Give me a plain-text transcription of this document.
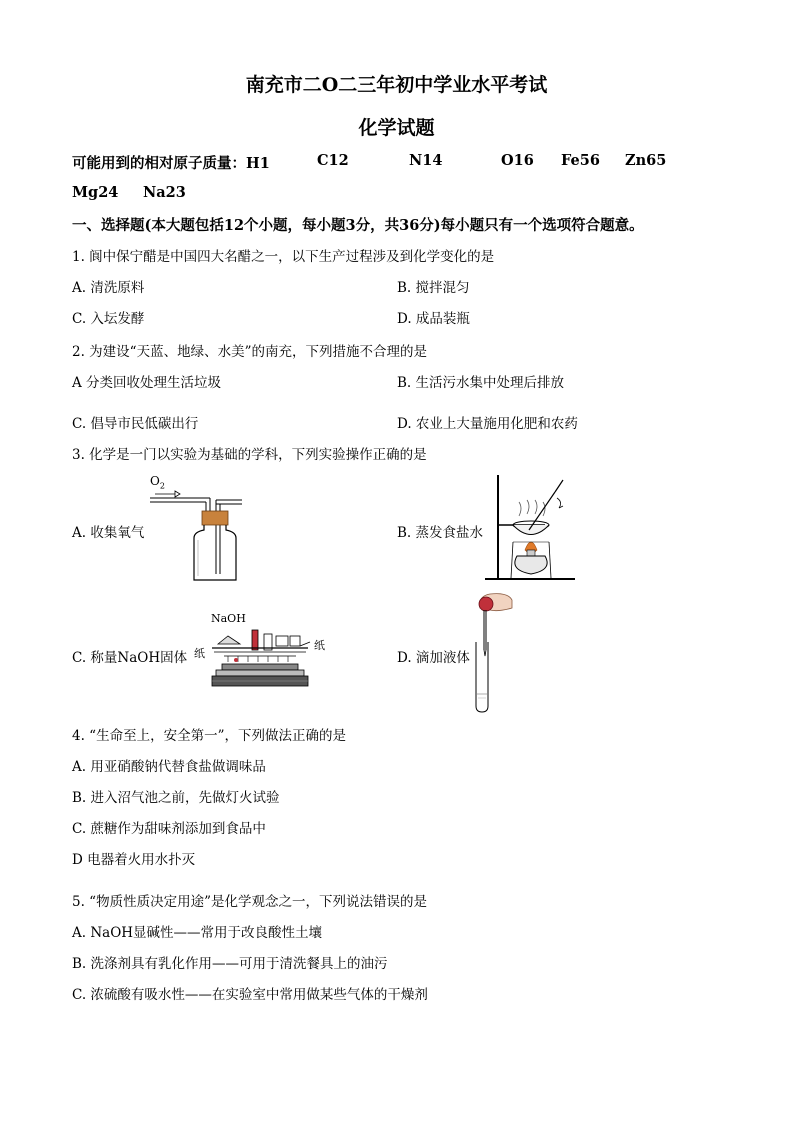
南充市二O二三年初中学业水平考试
化学试题
可能用到的相对原子质量：H1	C12	N14	O16 Fe56 Zn65
Mg24 Na23
一、选择题(本大题包括12个小题，每小题3分，共36分)每小题只有一个选项符合题意。
1. 阆中保宁醋是中国四大名醋之一，以下生产过程涉及到化学变化的是
A. 清洗原料	B. 搅拌混匀
C. 入坛发酵	D. 成品装瓶
2. 为建设“天蓝、地绿、水美”的南充，下列措施不合理的是
A 分类回收处理生活垃圾	B. 生活污水集中处理后排放
C. 倡导市民低碳出行	D. 农业上大量施用化肥和农药
3. 化学是一门以实验为基础的学科，下列实验操作正确的是
A. 收集氧气	B. 蒸发食盐水
C. 称量NaOH固体	D. 滴加液体
$O_2$
NaOH
纸
纸
4. “生命至上，安全第一”，下列做法正确的是
A. 用亚硝酸钠代替食盐做调味品
B. 进入沼气池之前，先做灯火试验
C. 蔗糖作为甜味剂添加到食品中
D 电器着火用水扑灭
5. “物质性质决定用途”是化学观念之一，下列说法错误的是
A. NaOH显碱性——常用于改良酸性土壤
B. 洗涤剂具有乳化作用——可用于清洗餐具上的油污
C. 浓硫酸有吸水性——在实验室中常用做某些气体的干燥剂
